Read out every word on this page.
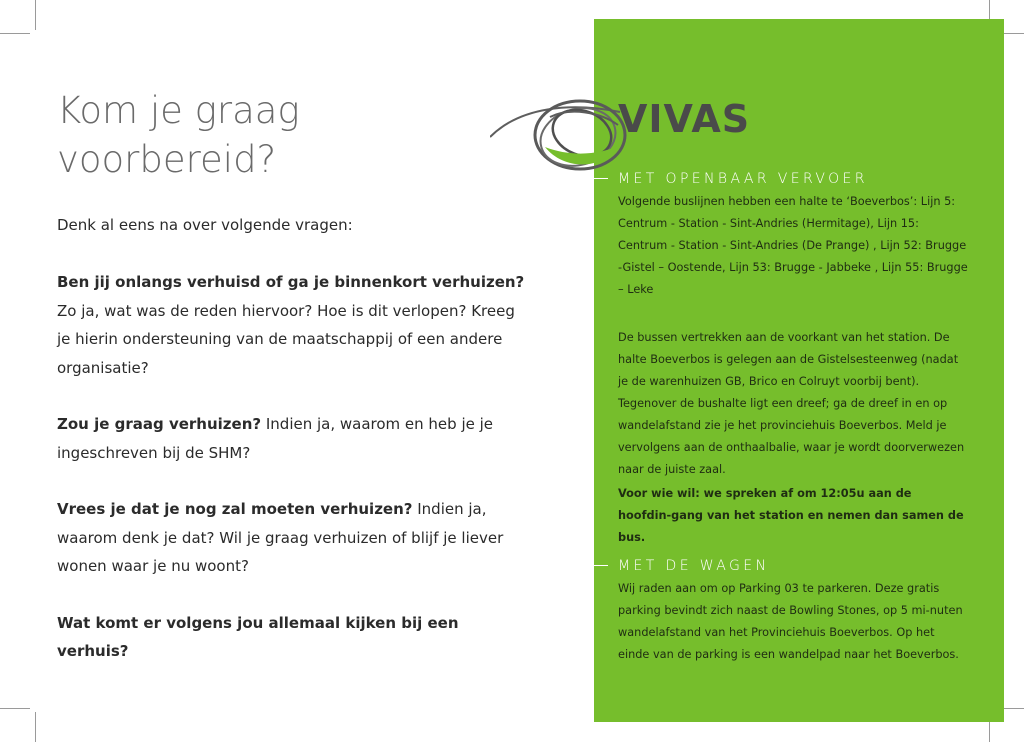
Kom je graag
voorbereid?
Denk al eens na over volgende vragen:
Ben jij onlangs verhuisd of ga je binnenkort verhuizen? Zo ja, wat was de reden hiervoor? Hoe is dit verlopen? Kreeg je hierin ondersteuning van de maatschappij of een andere organisatie?
Zou je graag verhuizen? Indien ja, waarom en heb je je ingeschreven bij de SHM?
Vrees je dat je nog zal moeten verhuizen? Indien ja, waarom denk je dat? Wil je graag verhuizen of blijf je liever wonen waar je nu woont?
Wat komt er volgens jou allemaal kijken bij een verhuis?
VIVAS
MET OPENBAAR VERVOER
Volgende buslijnen hebben een halte te ‘Boeverbos’: Lijn 5: Centrum - Station - Sint-Andries (Hermitage), Lijn 15: Centrum - Station - Sint-Andries (De Prange) , Lijn 52: Brugge -Gistel – Oostende, Lijn 53: Brugge - Jabbeke , Lijn 55: Brugge – Leke
De bussen vertrekken aan de voorkant van het station. De halte Boeverbos is gelegen aan de Gistelsesteenweg (nadat je de warenhuizen GB, Brico en Colruyt voorbij bent). Tegenover de bushalte ligt een dreef; ga de dreef in en op wandelafstand zie je het provinciehuis Boeverbos. Meld je vervolgens aan de onthaalbalie, waar je wordt doorverwezen naar de juiste zaal.
Voor wie wil: we spreken af om 12:05u aan de hoofdin-gang van het station en nemen dan samen de bus.
MET DE WAGEN
Wij raden aan om op Parking 03 te parkeren. Deze gratis parking bevindt zich naast de Bowling Stones, op 5 mi-nuten wandelafstand van het Provinciehuis Boeverbos. Op het einde van de parking is een wandelpad naar het Boeverbos.
